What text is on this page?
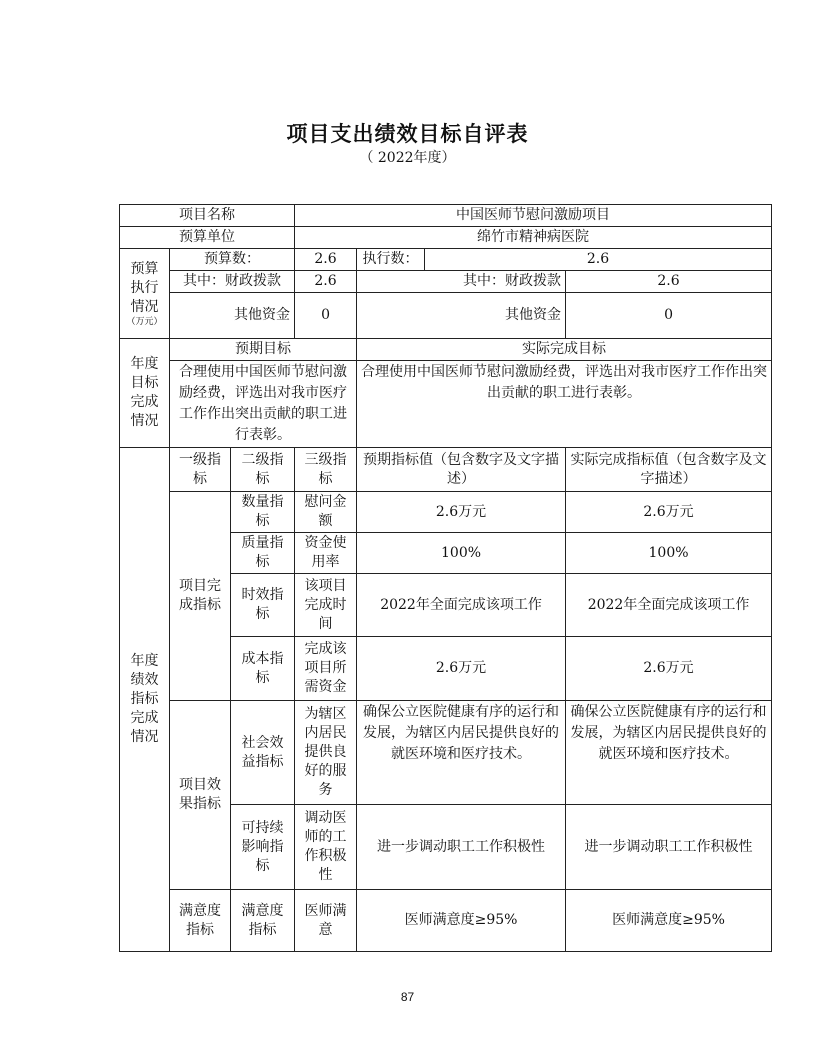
项目支出绩效目标自评表
（ 2022年度）
项目名称			中国医师节慰问激励项目			
预算单位			绵竹市精神病医院			
预算执行情况
（万元）	预算数：		2.6	执行数：	2.6	
	其中：财政拨款		2.6	其中：财政拨款		2.6
	其他资金		0	其他资金		0
年度目标完成情况	预期目标			实际完成目标		
	合理使用中国医师节慰问激励经费，评选出对我市医疗工作作出突出贡献的职工进行表彰。			合理使用中国医师节慰问激励经费，评选出对我市医疗工作作出突出贡献的职工进行表彰。		
年度绩效指标完成情况	一级指标	二级指标	三级指标	预期指标值（包含数字及文字描述）		实际完成指标值（包含数字及文字描述）
	项目完成指标	数量指标	慰问金额	2.6万元		2.6万元
		质量指标	资金使用率	100%		100%
		时效指标	该项目完成时间	2022年全面完成该项工作		2022年全面完成该项工作
		成本指标	完成该项目所需资金	2.6万元		2.6万元
	项目效果指标	社会效益指标	为辖区内居民提供良好的服务	确保公立医院健康有序的运行和发展，为辖区内居民提供良好的就医环境和医疗技术。		确保公立医院健康有序的运行和发展，为辖区内居民提供良好的就医环境和医疗技术。
		可持续影响指标	调动医师的工作积极性	进一步调动职工工作积极性		进一步调动职工工作积极性
	满意度指标	满意度指标	医师满意	医师满意度≥95%		医师满意度≥95%
87
